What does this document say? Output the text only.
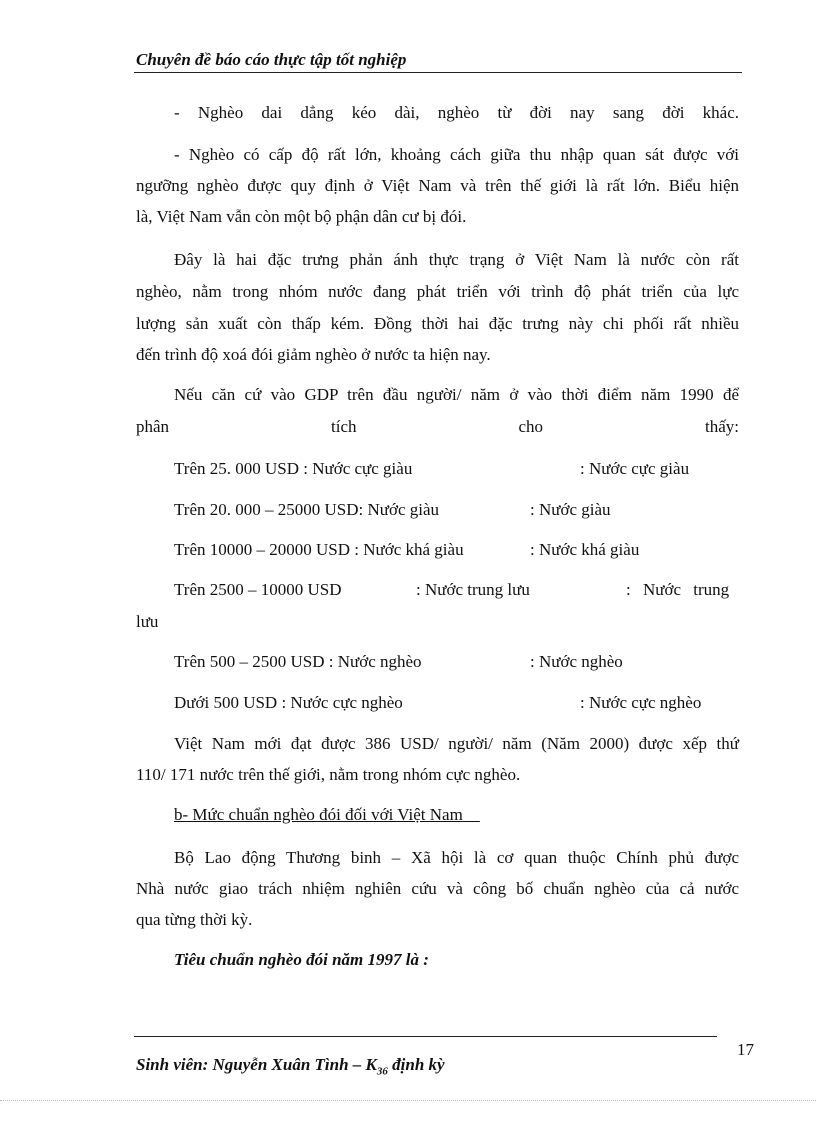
Chuyên đề báo cáo thực tập tốt nghiệp

- Nghèo dai dẳng kéo dài, nghèo từ đời nay sang đời khác.

- Nghèo có cấp độ rất lớn, khoảng cách giữa thu nhập quan sát được với
ngưỡng nghèo được quy định ở Việt Nam và trên thế giới là rất lớn. Biểu hiện
là, Việt Nam vẫn còn một bộ phận dân cư bị đói.

Đây là hai đặc trưng phản ánh thực trạng ở Việt Nam là nước còn rất
nghèo, nằm trong nhóm nước đang phát triển với trình độ phát triển của lực
lượng sản xuất còn thấp kém. Đồng thời hai đặc trưng này chi phối rất nhiều
đến trình độ xoá đói giảm nghèo ở nước ta hiện nay.

Nếu căn cứ vào GDP trên đầu người/ năm ở vào thời điểm năm 1990 để
phân tích cho thấy:

Trên 25. 000 USD : Nước cực giàu	: Nước cực giàu
Trên 20. 000 – 25000 USD: Nước giàu	: Nước giàu
Trên 10000 – 20000 USD : Nước khá giàu	: Nước khá giàu
Trên 2500 – 10000 USD	: Nước trung lưu	: Nước trung
lưu
Trên 500 – 2500 USD : Nước nghèo	: Nước nghèo
Dưới 500 USD : Nước cực nghèo	: Nước cực nghèo

Việt Nam mới đạt được 386 USD/ người/ năm (Năm 2000) được xếp thứ
110/ 171 nước trên thế giới, nằm trong nhóm cực nghèo.

b- Mức chuẩn nghèo đói đối với Việt Nam

Bộ Lao động Thương binh – Xã hội là cơ quan thuộc Chính phủ được
Nhà nước giao trách nhiệm nghiên cứu và công bố chuẩn nghèo của cả nước
qua từng thời kỳ.

Tiêu chuẩn nghèo đói năm 1997 là :
17
Sinh viên: Nguyễn Xuân Tình – $K_{36}$ định kỳ
